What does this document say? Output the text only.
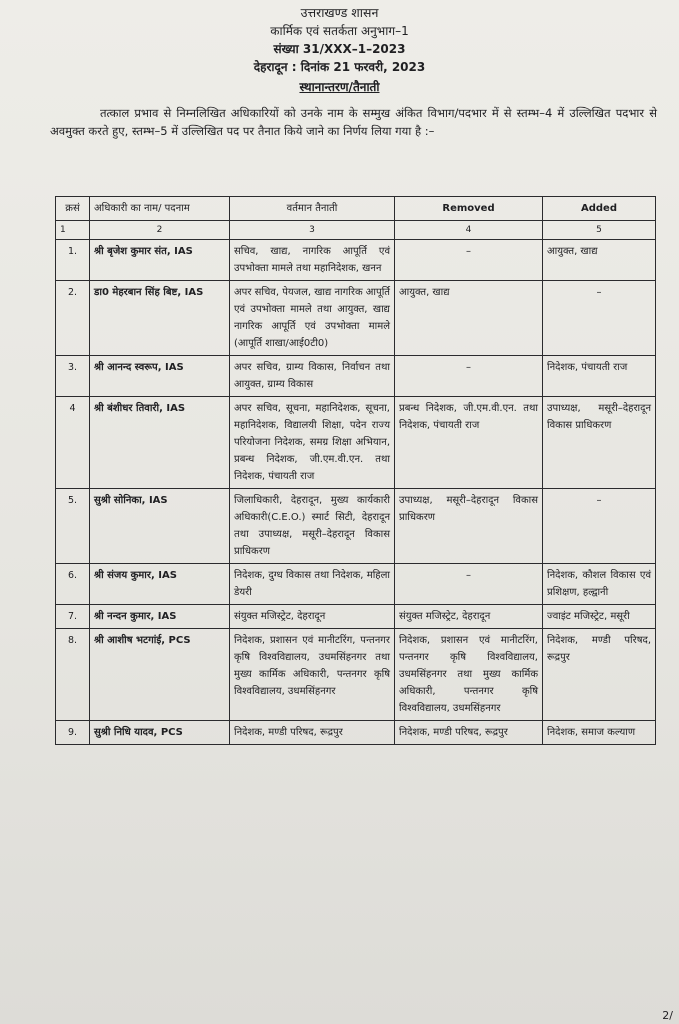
उत्तराखण्ड शासन
कार्मिक एवं सतर्कता अनुभाग–1
संख्या 31/XXX–1–2023
देहरादून : दिनांक 21 फरवरी, 2023
स्थानान्तरण/तैनाती
तत्काल प्रभाव से निम्नलिखित अधिकारियों को उनके नाम के सम्मुख अंकित विभाग/पदभार में से स्तम्भ–4 में उल्लिखित पदभार से अवमुक्त करते हुए, स्तम्भ–5 में उल्लिखित पद पर तैनात किये जाने का निर्णय लिया गया है :–
क्रसं	अधिकारी का नाम/ पदनाम	वर्तमान तैनाती	Removed	Added
1	2	3	4	5
1.	श्री बृजेश कुमार संत, IAS	सचिव, खाद्य, नागरिक आपूर्ति एवं उपभोक्ता मामले तथा महानिदेशक, खनन	–	आयुक्त, खाद्य
2.	डा0 मेहरबान सिंह बिष्ट, IAS	अपर सचिव, पेयजल, खाद्य नागरिक आपूर्ति एवं उपभोक्ता मामले तथा आयुक्त, खाद्य नागरिक आपूर्ति एवं उपभोक्ता मामले (आपूर्ति शाखा/आई0टी0)	आयुक्त, खाद्य	–
3.	श्री आनन्द स्वरूप, IAS	अपर सचिव, ग्राम्य विकास, निर्वाचन तथा आयुक्त, ग्राम्य विकास	–	निदेशक, पंचायती राज
4	श्री बंशीधर तिवारी, IAS	अपर सचिव, सूचना, महानिदेशक, सूचना, महानिदेशक, विद्यालयी शिक्षा, पदेन राज्य परियोजना निदेशक, समग्र शिक्षा अभियान, प्रबन्ध निदेशक, जी.एम.वी.एन. तथा निदेशक, पंचायती राज	प्रबन्ध निदेशक, जी.एम.वी.एन. तथा निदेशक, पंचायती राज	उपाध्यक्ष, मसूरी–देहरादून विकास प्राधिकरण
5.	सुश्री सोनिका, IAS	जिलाधिकारी, देहरादून, मुख्य कार्यकारी अधिकारी(C.E.O.) स्मार्ट सिटी, देहरादून तथा उपाध्यक्ष, मसूरी–देहरादून विकास प्राधिकरण	उपाध्यक्ष, मसूरी–देहरादून विकास प्राधिकरण	–
6.	श्री संजय कुमार, IAS	निदेशक, दुग्ध विकास तथा निदेशक, महिला डेयरी	–	निदेशक, कौशल विकास एवं प्रशिक्षण, हल्द्वानी
7.	श्री नन्दन कुमार, IAS	संयुक्त मजिस्ट्रेट, देहरादून	संयुक्त मजिस्ट्रेट, देहरादून	ज्वाइंट मजिस्ट्रेट, मसूरी
8.	श्री आशीष भटगांई, PCS	निदेशक, प्रशासन एवं मानीटरिंग, पन्तनगर कृषि विश्वविद्यालय, उधमसिंहनगर तथा मुख्य कार्मिक अधिकारी, पन्तनगर कृषि विश्वविद्यालय, उधमसिंहनगर	निदेशक, प्रशासन एवं मानीटरिंग, पन्तनगर कृषि विश्वविद्यालय, उधमसिंहनगर तथा मुख्य कार्मिक अधिकारी, पन्तनगर कृषि विश्वविद्यालय, उधमसिंहनगर	निदेशक, मण्डी परिषद, रूद्रपुर
9.	सुश्री निधि यादव, PCS	निदेशक, मण्डी परिषद, रूद्रपुर	निदेशक, मण्डी परिषद, रूद्रपुर	निदेशक, समाज कल्याण
2/
